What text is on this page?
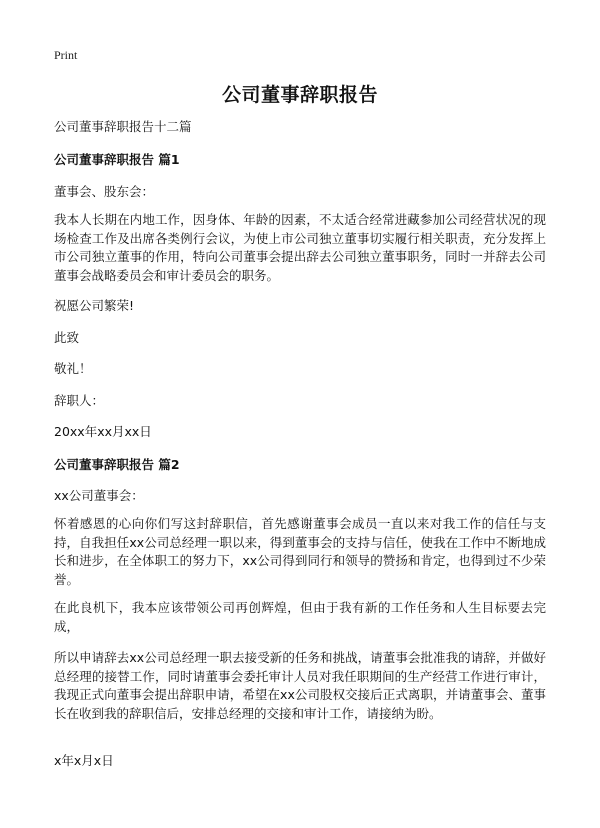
Print
公司董事辞职报告
公司董事辞职报告十二篇
公司董事辞职报告 篇1
董事会、股东会：
我本人长期在内地工作，因身体、年龄的因素，不太适合经常进藏参加公司经营状况的现场检查工作及出席各类例行会议，为使上市公司独立董事切实履行相关职责，充分发挥上市公司独立董事的作用，特向公司董事会提出辞去公司独立董事职务，同时一并辞去公司董事会战略委员会和审计委员会的职务。
祝愿公司繁荣!
此致
敬礼！
辞职人：
20xx年xx月xx日
公司董事辞职报告 篇2
xx公司董事会：
怀着感恩的心向你们写这封辞职信，首先感谢董事会成员一直以来对我工作的信任与支持，自我担任xx公司总经理一职以来，得到董事会的支持与信任，使我在工作中不断地成长和进步，在全体职工的努力下，xx公司得到同行和领导的赞扬和肯定，也得到过不少荣誉。
在此良机下，我本应该带领公司再创辉煌，但由于我有新的工作任务和人生目标要去完成，
所以申请辞去xx公司总经理一职去接受新的任务和挑战，请董事会批准我的请辞，并做好总经理的接替工作，同时请董事会委托审计人员对我任职期间的生产经营工作进行审计，我现正式向董事会提出辞职申请，希望在xx公司股权交接后正式离职，并请董事会、董事长在收到我的辞职信后，安排总经理的交接和审计工作，请接纳为盼。
x年x月x日
